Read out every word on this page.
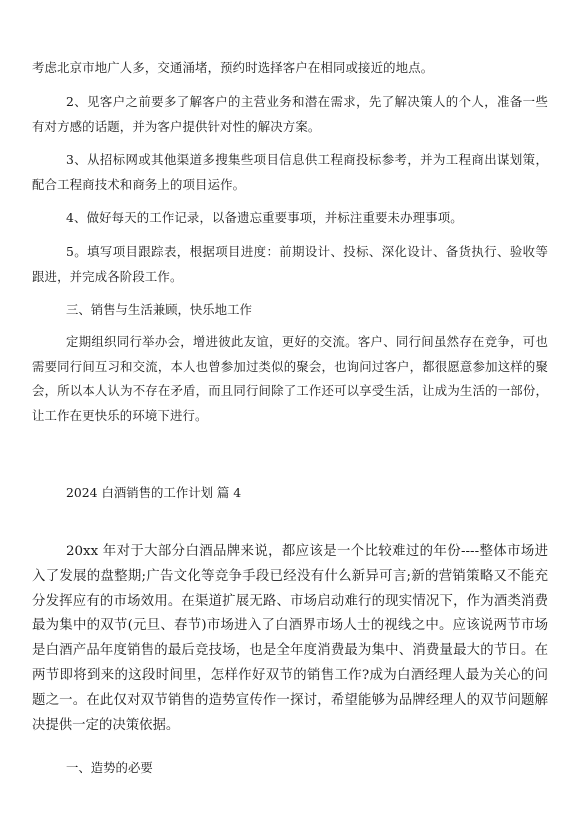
考虑北京市地广人多，交通涌堵，预约时选择客户在相同或接近的地点。

2、见客户之前要多了解客户的主营业务和潜在需求，先了解决策人的个人，准备一些有对方感的话题，并为客户提供针对性的解决方案。

3、从招标网或其他渠道多搜集些项目信息供工程商投标参考，并为工程商出谋划策，配合工程商技术和商务上的项目运作。

4、做好每天的工作记录，以备遗忘重要事项，并标注重要未办理事项。

5。填写项目跟踪表，根据项目进度：前期设计、投标、深化设计、备货执行、验收等跟进，并完成各阶段工作。

三、销售与生活兼顾，快乐地工作

定期组织同行举办会，增进彼此友谊，更好的交流。客户、同行间虽然存在竞争，可也需要同行间互习和交流，本人也曾参加过类似的聚会，也询问过客户，都很愿意参加这样的聚会，所以本人认为不存在矛盾，而且同行间除了工作还可以享受生活，让成为生活的一部份，让工作在更快乐的环境下进行。

2024 白酒销售的工作计划 篇 4

20xx 年对于大部分白酒品牌来说，都应该是一个比较难过的年份----整体市场进入了发展的盘整期;广告文化等竞争手段已经没有什么新异可言;新的营销策略又不能充分发挥应有的市场效用。在渠道扩展无路、市场启动难行的现实情况下，作为酒类消费最为集中的双节(元旦、春节)市场进入了白酒界市场人士的视线之中。应该说两节市场是白酒产品年度销售的最后竞技场，也是全年度消费最为集中、消费量最大的节日。在两节即将到来的这段时间里，怎样作好双节的销售工作?成为白酒经理人最为关心的问题之一。在此仅对双节销售的造势宣传作一探讨，希望能够为品牌经理人的双节问题解决提供一定的决策依据。

一、造势的必要
